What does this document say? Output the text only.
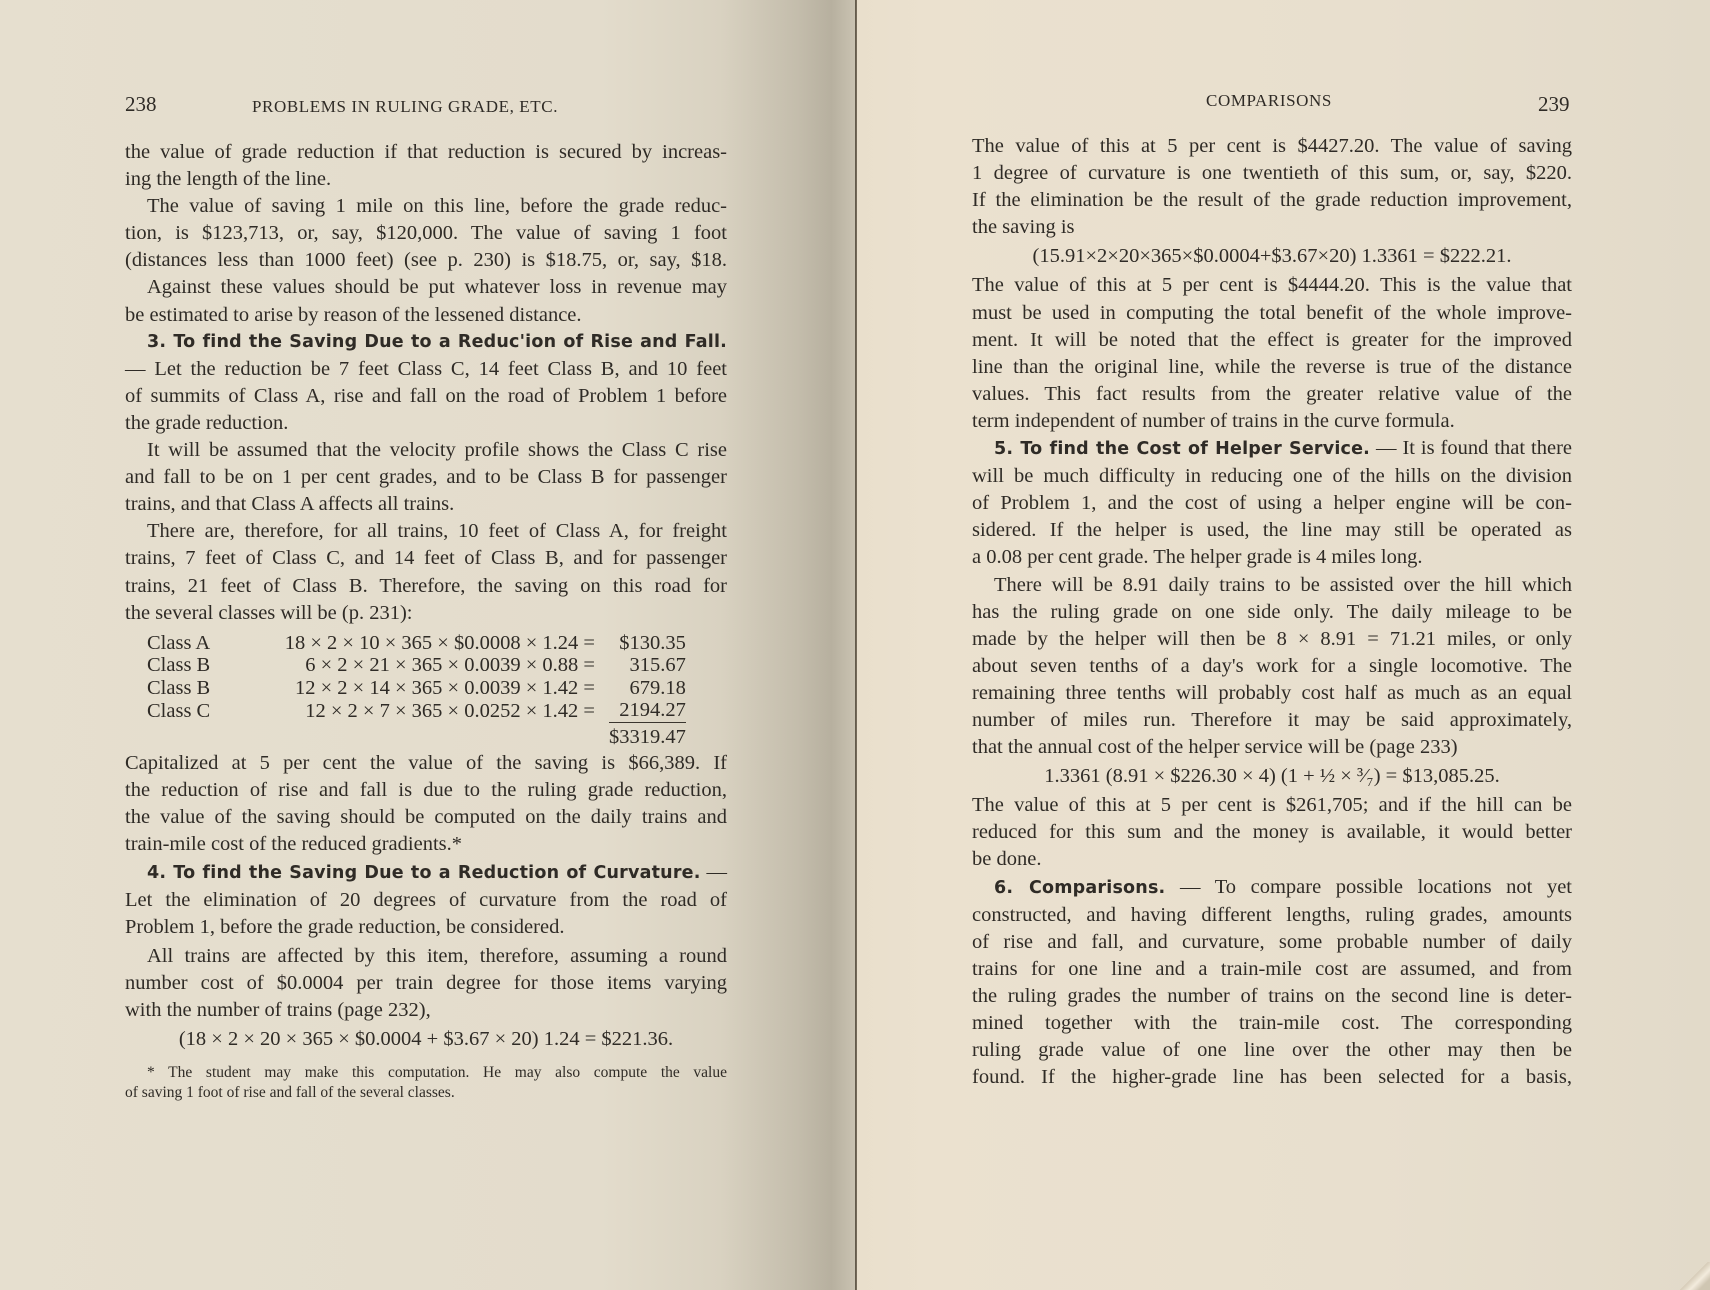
238	PROBLEMS IN RULING GRADE, ETC.
the value of grade reduction if that reduction is secured by increas-
ing the length of the line.
The value of saving 1 mile on this line, before the grade reduc-
tion, is $123,713, or, say, $120,000. The value of saving 1 foot
(distances less than 1000 feet) (see p. 230) is $18.75, or, say, $18.
Against these values should be put whatever loss in revenue may
be estimated to arise by reason of the lessened distance.
3. To find the Saving Due to a Reduc'ion of Rise and Fall.
— Let the reduction be 7 feet Class C, 14 feet Class B, and 10 feet
of summits of Class A, rise and fall on the road of Problem 1 before
the grade reduction.
It will be assumed that the velocity profile shows the Class C rise
and fall to be on 1 per cent grades, and to be Class B for passenger
trains, and that Class A affects all trains.
There are, therefore, for all trains, 10 feet of Class A, for freight
trains, 7 feet of Class C, and 14 feet of Class B, and for passenger
trains, 21 feet of Class B. Therefore, the saving on this road for
the several classes will be (p. 231):
Class A	18 × 2 × 10 × 365 × $0.0008 × 1.24 =	$130.35
Class B	6 × 2 × 21 × 365 × 0.0039 × 0.88 =	315.67
Class B	12 × 2 × 14 × 365 × 0.0039 × 1.42 =	679.18
Class C	12 × 2 × 7 × 365 × 0.0252 × 1.42 =	2194.27
		$3319.47
Capitalized at 5 per cent the value of the saving is $66,389. If
the reduction of rise and fall is due to the ruling grade reduction,
the value of the saving should be computed on the daily trains and
train-mile cost of the reduced gradients.*
4. To find the Saving Due to a Reduction of Curvature. —
Let the elimination of 20 degrees of curvature from the road of
Problem 1, before the grade reduction, be considered.
All trains are affected by this item, therefore, assuming a round
number cost of $0.0004 per train degree for those items varying
with the number of trains (page 232),
(18 × 2 × 20 × 365 × $0.0004 + $3.67 × 20) 1.24 = $221.36.
* The student may make this computation. He may also compute the value
of saving 1 foot of rise and fall of the several classes.
COMPARISONS	239
The value of this at 5 per cent is $4427.20. The value of saving
1 degree of curvature is one twentieth of this sum, or, say, $220.
If the elimination be the result of the grade reduction improvement,
the saving is
(15.91×2×20×365×$0.0004+$3.67×20) 1.3361 = $222.21.
The value of this at 5 per cent is $4444.20. This is the value that
must be used in computing the total benefit of the whole improve-
ment. It will be noted that the effect is greater for the improved
line than the original line, while the reverse is true of the distance
values. This fact results from the greater relative value of the
term independent of number of trains in the curve formula.
5. To find the Cost of Helper Service. — It is found that there
will be much difficulty in reducing one of the hills on the division
of Problem 1, and the cost of using a helper engine will be con-
sidered. If the helper is used, the line may still be operated as
a 0.08 per cent grade. The helper grade is 4 miles long.
There will be 8.91 daily trains to be assisted over the hill which
has the ruling grade on one side only. The daily mileage to be
made by the helper will then be 8 × 8.91 = 71.21 miles, or only
about seven tenths of a day's work for a single locomotive. The
remaining three tenths will probably cost half as much as an equal
number of miles run. Therefore it may be said approximately,
that the annual cost of the helper service will be (page 233)
1.3361 (8.91 × $226.30 × 4) (1 + ½ × ³⁄₇) = $13,085.25.
The value of this at 5 per cent is $261,705; and if the hill can be
reduced for this sum and the money is available, it would better
be done.
6. Comparisons. — To compare possible locations not yet
constructed, and having different lengths, ruling grades, amounts
of rise and fall, and curvature, some probable number of daily
trains for one line and a train-mile cost are assumed, and from
the ruling grades the number of trains on the second line is deter-
mined together with the train-mile cost. The corresponding
ruling grade value of one line over the other may then be
found. If the higher-grade line has been selected for a basis,
